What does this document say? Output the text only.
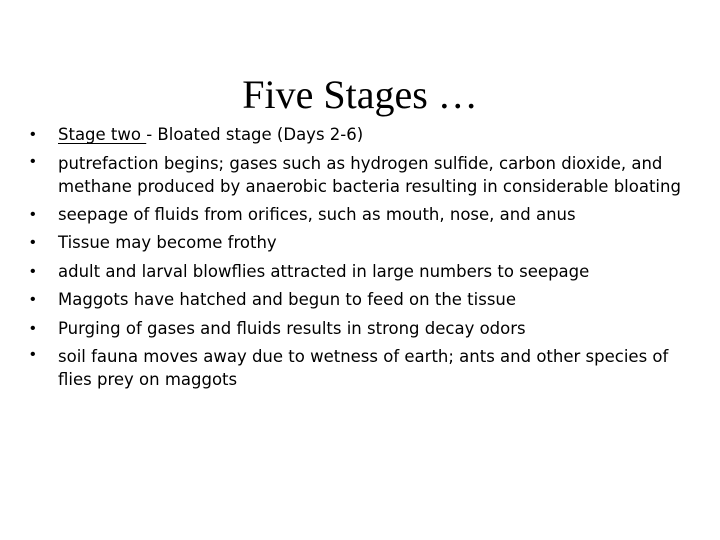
Five Stages …
• Stage two - Bloated stage (Days 2-6)
• putrefaction begins; gases such as hydrogen sulfide, carbon dioxide, and methane produced by anaerobic bacteria resulting in considerable bloating
• seepage of fluids from orifices, such as mouth, nose, and anus
• Tissue may become frothy
• adult and larval blowflies attracted in large numbers to seepage
• Maggots have hatched and begun to feed on the tissue
• Purging of gases and fluids results in strong decay odors
• soil fauna moves away due to wetness of earth; ants and other species of flies prey on maggots
